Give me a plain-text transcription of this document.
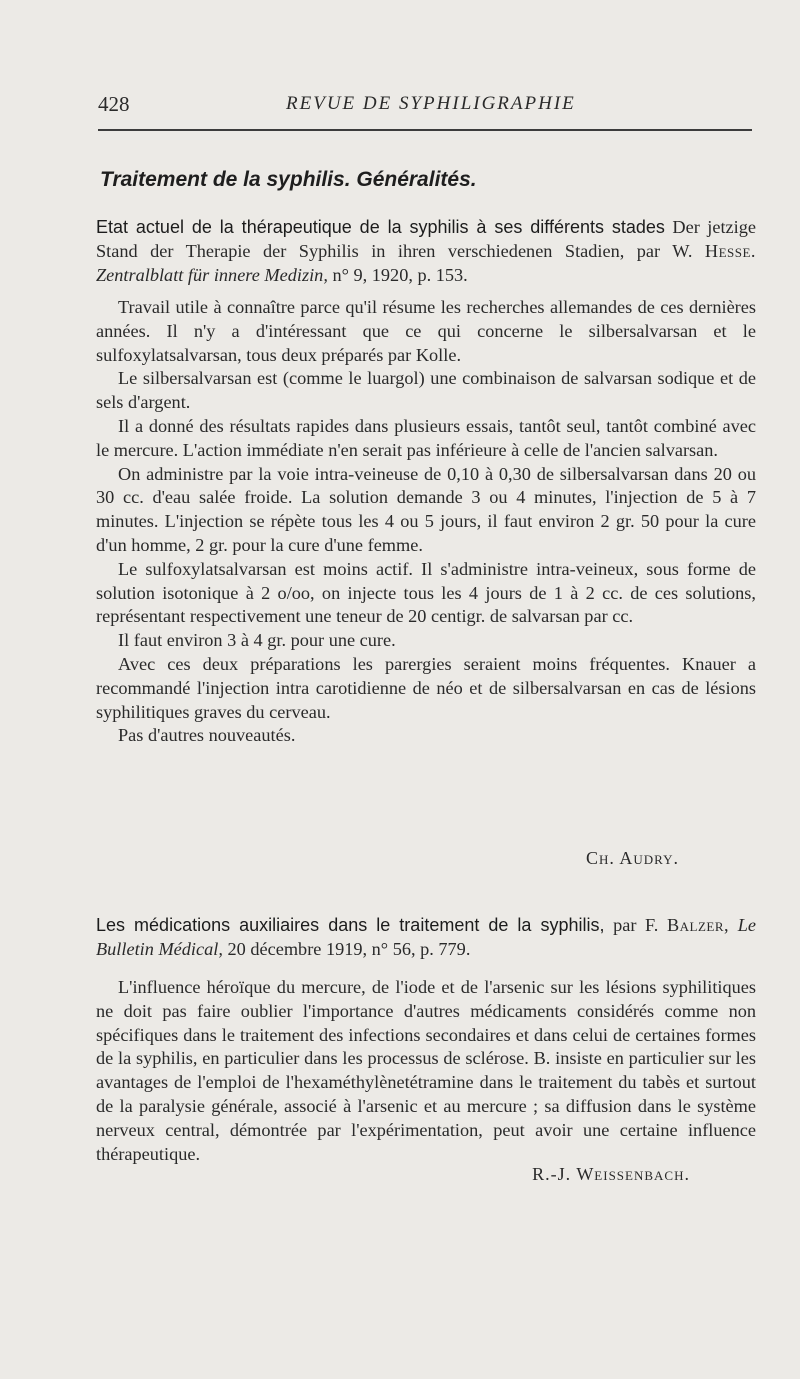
428	REVUE DE SYPHILIGRAPHIE
Traitement de la syphilis. Généralités.

Etat actuel de la thérapeutique de la syphilis à ses différents stades Der jetzige Stand der Therapie der Syphilis in ihren verschiedenen Stadien, par W. Hesse. Zentralblatt für innere Medizin, n° 9, 1920, p. 153.

Travail utile à connaître parce qu'il résume les recherches allemandes de ces dernières années. Il n'y a d'intéressant que ce qui concerne le silbersalvarsan et le sulfoxylatsalvarsan, tous deux préparés par Kolle.

Le silbersalvarsan est (comme le luargol) une combinaison de salvarsan sodique et de sels d'argent.

Il a donné des résultats rapides dans plusieurs essais, tantôt seul, tantôt combiné avec le mercure. L'action immédiate n'en serait pas inférieure à celle de l'ancien salvarsan.

On administre par la voie intra-veineuse de 0,10 à 0,30 de silbersalvarsan dans 20 ou 30 cc. d'eau salée froide. La solution demande 3 ou 4 minutes, l'injection de 5 à 7 minutes. L'injection se répète tous les 4 ou 5 jours, il faut environ 2 gr. 50 pour la cure d'un homme, 2 gr. pour la cure d'une femme.

Le sulfoxylatsalvarsan est moins actif. Il s'administre intra-veineux, sous forme de solution isotonique à 2 o/oo, on injecte tous les 4 jours de 1 à 2 cc. de ces solutions, représentant respectivement une teneur de 20 centigr. de salvarsan par cc.

Il faut environ 3 à 4 gr. pour une cure.

Avec ces deux préparations les parergies seraient moins fréquentes. Knauer a recommandé l'injection intra carotidienne de néo et de silbersalvarsan en cas de lésions syphilitiques graves du cerveau.

Pas d'autres nouveautés.

Ch. Audry.

Les médications auxiliaires dans le traitement de la syphilis, par F. Balzer, Le Bulletin Médical, 20 décembre 1919, n° 56, p. 779.

L'influence héroïque du mercure, de l'iode et de l'arsenic sur les lésions syphilitiques ne doit pas faire oublier l'importance d'autres médicaments considérés comme non spécifiques dans le traitement des infections secondaires et dans celui de certaines formes de la syphilis, en particulier dans les processus de sclérose. B. insiste en particulier sur les avantages de l'emploi de l'hexaméthylènetétramine dans le traitement du tabès et surtout de la paralysie générale, associé à l'arsenic et au mercure ; sa diffusion dans le système nerveux central, démontrée par l'expérimentation, peut avoir une certaine influence thérapeutique.

R.-J. Weissenbach.
